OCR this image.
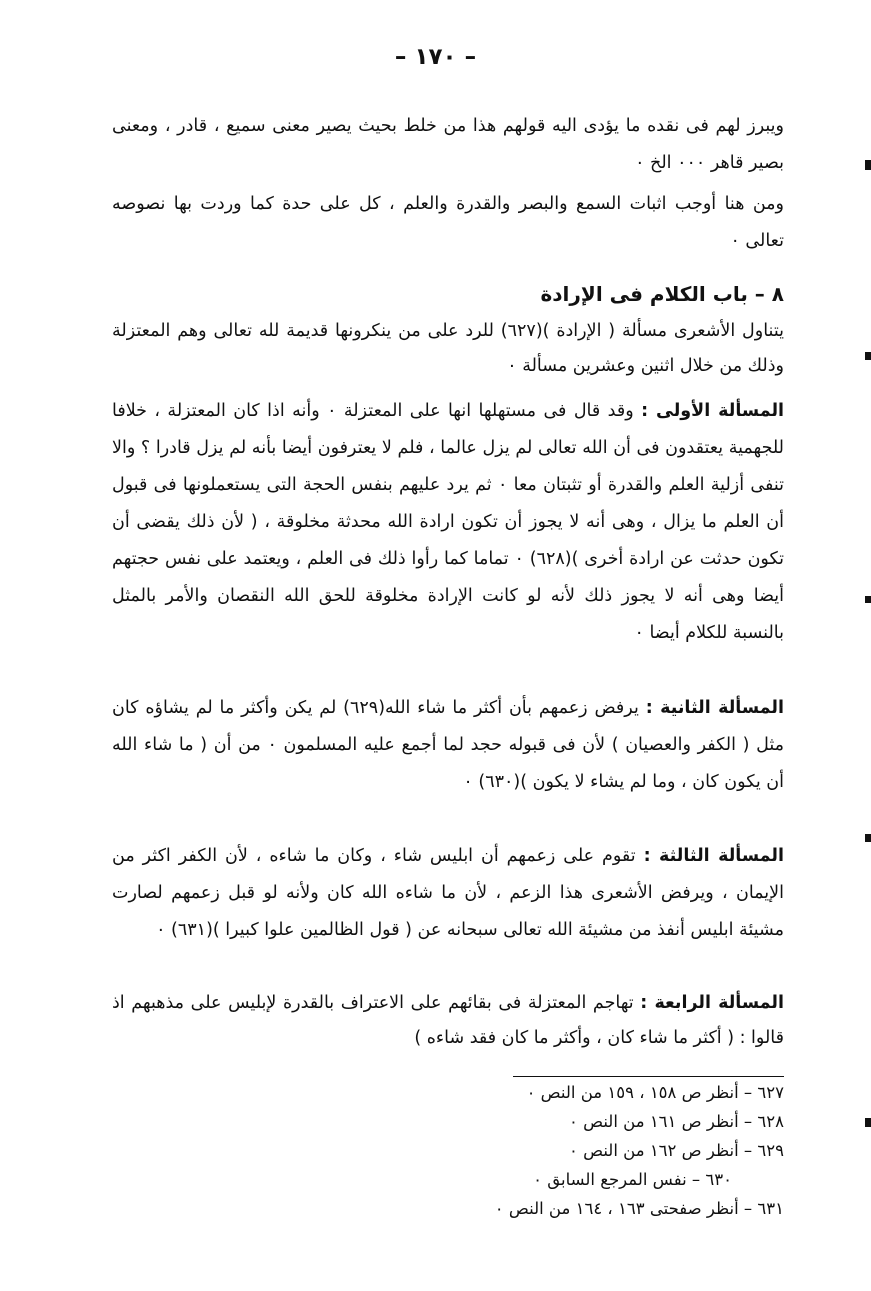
– ١٧٠ –

ويبرز لهم فى نقده ما يؤدى اليه قولهم هذا من خلط بحيث يصير معنى سميع ، قادر ، ومعنى بصير قاهر ٠٠٠ الخ ٠

ومن هنا أوجب اثبات السمع والبصر والقدرة والعلم ، كل على حدة كما وردت بها نصوصه تعالى ٠

٨ – باب الكلام فى الإرادة

يتناول الأشعرى مسألة ( الإرادة )(٦٢٧) للرد على من ينكرونها قديمة لله تعالى وهم المعتزلة وذلك من خلال اثنين وعشرين مسألة ٠

المسألة الأولى : وقد قال فى مستهلها انها على المعتزلة ٠ وأنه اذا كان المعتزلة ، خلافا للجهمية يعتقدون فى أن الله تعالى لم يزل عالما ، فلم لا يعترفون أيضا بأنه لم يزل قادرا ؟ والا تنفى أزلية العلم والقدرة أو تثبتان معا ٠ ثم يرد عليهم بنفس الحجة التى يستعملونها فى قبول أن العلم ما يزال ، وهى أنه لا يجوز أن تكون ارادة الله محدثة مخلوقة ، ( لأن ذلك يقضى أن تكون حدثت عن ارادة أخرى )(٦٢٨) ٠ تماما كما رأوا ذلك فى العلم ، ويعتمد على نفس حجتهم أيضا وهى أنه لا يجوز ذلك لأنه لو كانت الإرادة مخلوقة للحق الله النقصان والأمر بالمثل بالنسبة للكلام أيضا ٠

المسألة الثانية : يرفض زعمهم بأن أكثر ما شاء الله(٦٢٩) لم يكن وأكثر ما لم يشاؤه كان مثل ( الكفر والعصيان ) لأن فى قبوله حجد لما أجمع عليه المسلمون ٠ من أن ( ما شاء الله أن يكون كان ، وما لم يشاء لا يكون )(٦٣٠) ٠

المسألة الثالثة : تقوم على زعمهم أن ابليس شاء ، وكان ما شاءه ، لأن الكفر اكثر من الإيمان ، ويرفض الأشعرى هذا الزعم ، لأن ما شاءه الله كان ولأنه لو قبل زعمهم لصارت مشيئة ابليس أنفذ من مشيئة الله تعالى سبحانه عن ( قول الظالمين علوا كبيرا )(٦٣١) ٠

المسألة الرابعة : تهاجم المعتزلة فى بقائهم على الاعتراف بالقدرة لإبليس على مذهبهم اذ قالوا : ( أكثر ما شاء كان ، وأكثر ما كان فقد شاءه )

٦٢٧ – أنظر ص ١٥٨ ، ١٥٩ من النص ٠
٦٢٨ – أنظر ص ١٦١ من النص ٠
٦٢٩ – أنظر ص ١٦٢ من النص ٠
٦٣٠ – نفس المرجع السابق ٠
٦٣١ – أنظر صفحتى ١٦٣ ، ١٦٤ من النص ٠
